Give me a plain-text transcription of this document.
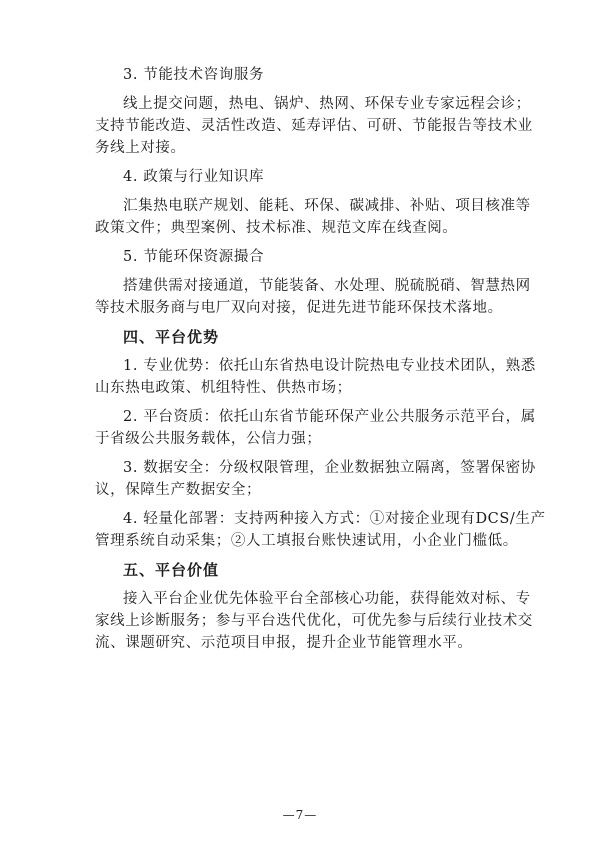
3. 节能技术咨询服务
线上提交问题，热电、锅炉、热网、环保专业专家远程会诊；
支持节能改造、灵活性改造、延寿评估、可研、节能报告等技术业
务线上对接。
4. 政策与行业知识库
汇集热电联产规划、能耗、环保、碳减排、补贴、项目核准等
政策文件；典型案例、技术标准、规范文库在线查阅。
5. 节能环保资源撮合
搭建供需对接通道，节能装备、水处理、脱硫脱硝、智慧热网
等技术服务商与电厂双向对接，促进先进节能环保技术落地。
四、平台优势
1. 专业优势：依托山东省热电设计院热电专业技术团队，熟悉
山东热电政策、机组特性、供热市场；
2. 平台资质：依托山东省节能环保产业公共服务示范平台，属
于省级公共服务载体，公信力强；
3. 数据安全：分级权限管理，企业数据独立隔离，签署保密协
议，保障生产数据安全；
4. 轻量化部署：支持两种接入方式：①对接企业现有DCS/生产
管理系统自动采集；②人工填报台账快速试用，小企业门槛低。
五、平台价值
接入平台企业优先体验平台全部核心功能，获得能效对标、专
家线上诊断服务；参与平台迭代优化，可优先参与后续行业技术交
流、课题研究、示范项目申报，提升企业节能管理水平。
—7—
